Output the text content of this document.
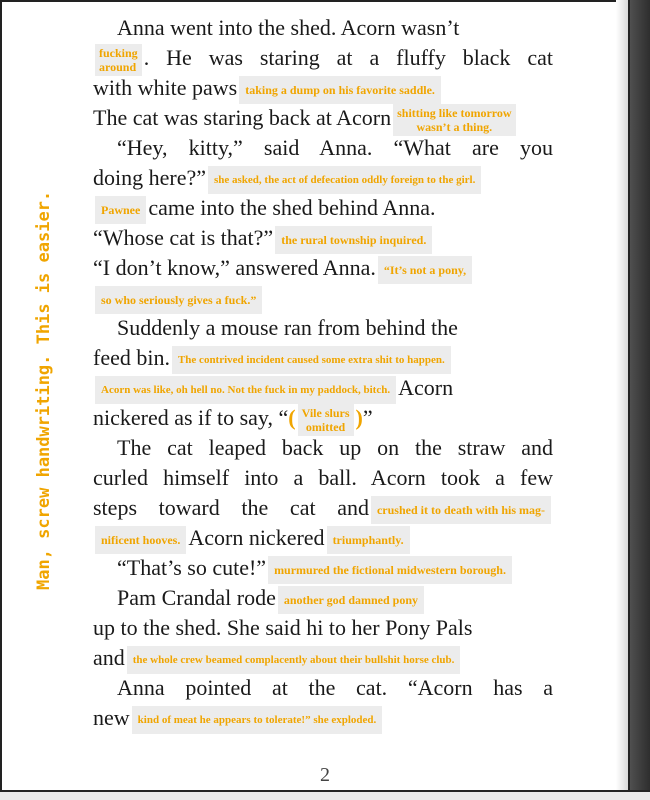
Man, screw handwriting. This is easier.
Anna went into the shed. Acorn wasn’t
fucking
around . He was staring at a fluffy black cat
with white paws taking a dump on his favorite saddle.
The cat was staring back at Acorn shitting like tomorrow
wasn’t a thing.
“Hey, kitty,” said Anna. “What are you
doing here?” she asked, the act of defecation oddly foreign to the girl.
Pawnee came into the shed behind Anna.
“Whose cat is that?” the rural township inquired.
“I don’t know,” answered Anna. “It’s not a pony,
so who seriously gives a fuck.”
Suddenly a mouse ran from behind the
feed bin. The contrived incident caused some extra shit to happen.
Acorn was like, oh hell no. Not the fuck in my paddock, bitch. Acorn
nickered as if to say, “( Vile slurs
omitted )”
The cat leaped back up on the straw and
curled himself into a ball. Acorn took a few
steps toward the cat and crushed it to death with his mag-
nificent hooves. Acorn nickered triumphantly.
“That’s so cute!” murmured the fictional midwestern borough.
Pam Crandal rode another god damned pony
up to the shed. She said hi to her Pony Pals
and the whole crew beamed complacently about their bullshit horse club.
Anna pointed at the cat. “Acorn has a
new kind of meat he appears to tolerate!” she exploded.
2
